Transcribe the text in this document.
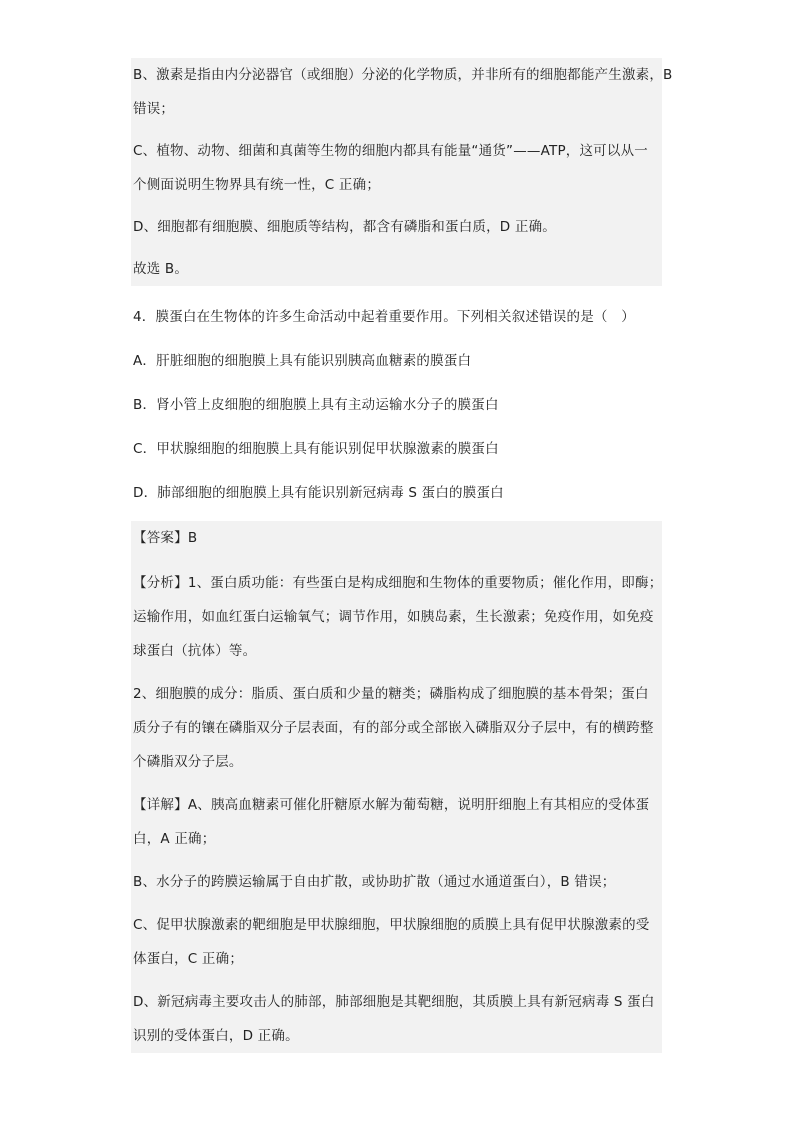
B、激素是指由内分泌器官（或细胞）分泌的化学物质，并非所有的细胞都能产生激素，B
错误；
C、植物、动物、细菌和真菌等生物的细胞内都具有能量“通货”——ATP，这可以从一
个侧面说明生物界具有统一性，C 正确；
D、细胞都有细胞膜、细胞质等结构，都含有磷脂和蛋白质，D 正确。
故选 B。
4．膜蛋白在生物体的许多生命活动中起着重要作用。下列相关叙述错误的是（　）
A．肝脏细胞的细胞膜上具有能识别胰高血糖素的膜蛋白
B．肾小管上皮细胞的细胞膜上具有主动运输水分子的膜蛋白
C．甲状腺细胞的细胞膜上具有能识别促甲状腺激素的膜蛋白
D．肺部细胞的细胞膜上具有能识别新冠病毒 S 蛋白的膜蛋白
【答案】B
【分析】1、蛋白质功能：有些蛋白是构成细胞和生物体的重要物质；催化作用，即酶；
运输作用，如血红蛋白运输氧气；调节作用，如胰岛素，生长激素；免疫作用，如免疫
球蛋白（抗体）等。
2、细胞膜的成分：脂质、蛋白质和少量的糖类；磷脂构成了细胞膜的基本骨架；蛋白
质分子有的镶在磷脂双分子层表面，有的部分或全部嵌入磷脂双分子层中，有的横跨整
个磷脂双分子层。
【详解】A、胰高血糖素可催化肝糖原水解为葡萄糖，说明肝细胞上有其相应的受体蛋
白，A 正确；
B、水分子的跨膜运输属于自由扩散，或协助扩散（通过水通道蛋白），B 错误；
C、促甲状腺激素的靶细胞是甲状腺细胞，甲状腺细胞的质膜上具有促甲状腺激素的受
体蛋白，C 正确；
D、新冠病毒主要攻击人的肺部，肺部细胞是其靶细胞，其质膜上具有新冠病毒 S 蛋白
识别的受体蛋白，D 正确。
